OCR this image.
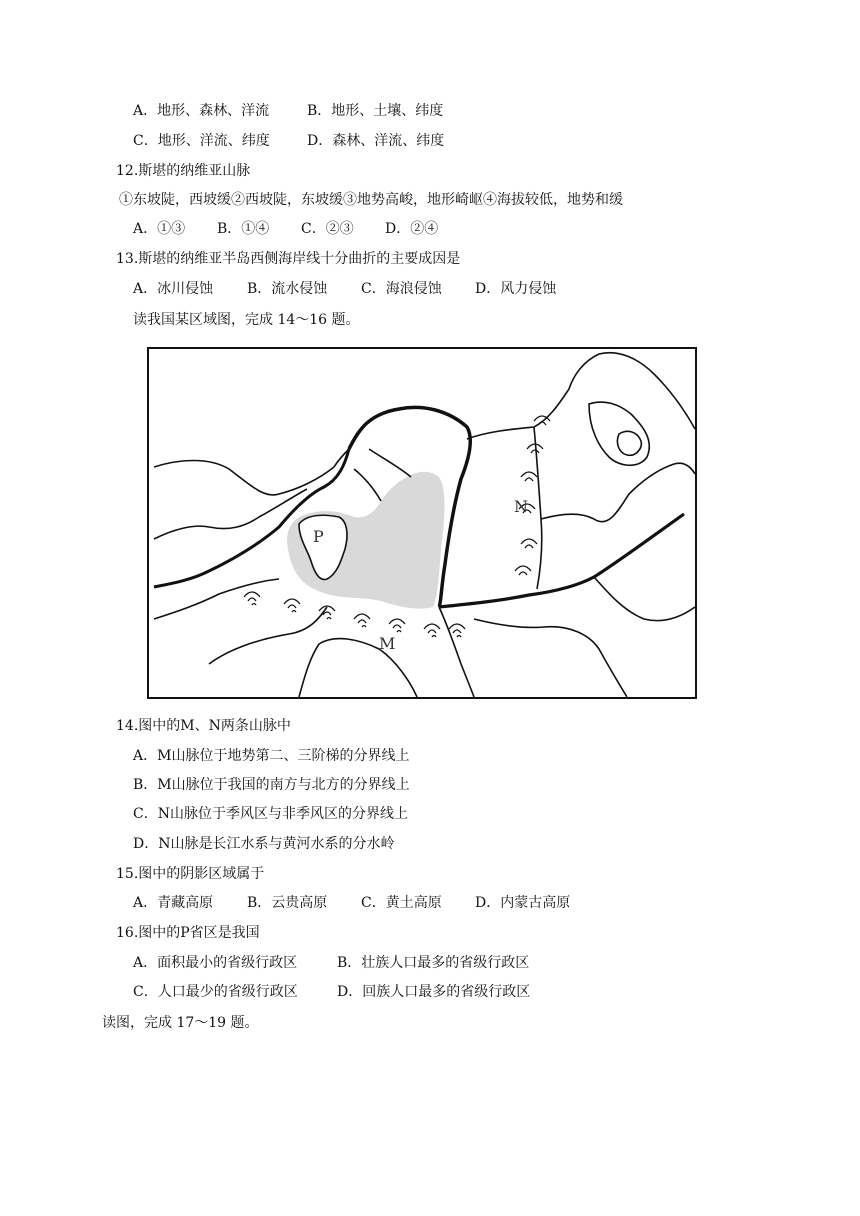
A．地形、森林、洋流	B．地形、土壤、纬度
C．地形、洋流、纬度	D．森林、洋流、纬度
12.斯堪的纳维亚山脉
①东坡陡，西坡缓②西坡陡，东坡缓③地势高峻，地形崎岖④海拔较低，地势和缓
A．①③ B．①④ C．②③ D．②④
13.斯堪的纳维亚半岛西侧海岸线十分曲折的主要成因是
A．冰川侵蚀 B．流水侵蚀 C．海浪侵蚀 D．风力侵蚀
读我国某区域图，完成 14～16 题。
P
N
M
14.图中的M、N两条山脉中
A．M山脉位于地势第二、三阶梯的分界线上
B．M山脉位于我国的南方与北方的分界线上
C．N山脉位于季风区与非季风区的分界线上
D．N山脉是长江水系与黄河水系的分水岭
15.图中的阴影区域属于
A．青藏高原 B．云贵高原 C．黄土高原 D．内蒙古高原
16.图中的P省区是我国
A．面积最小的省级行政区	B．壮族人口最多的省级行政区
C．人口最少的省级行政区	D．回族人口最多的省级行政区
读图，完成 17～19 题。
